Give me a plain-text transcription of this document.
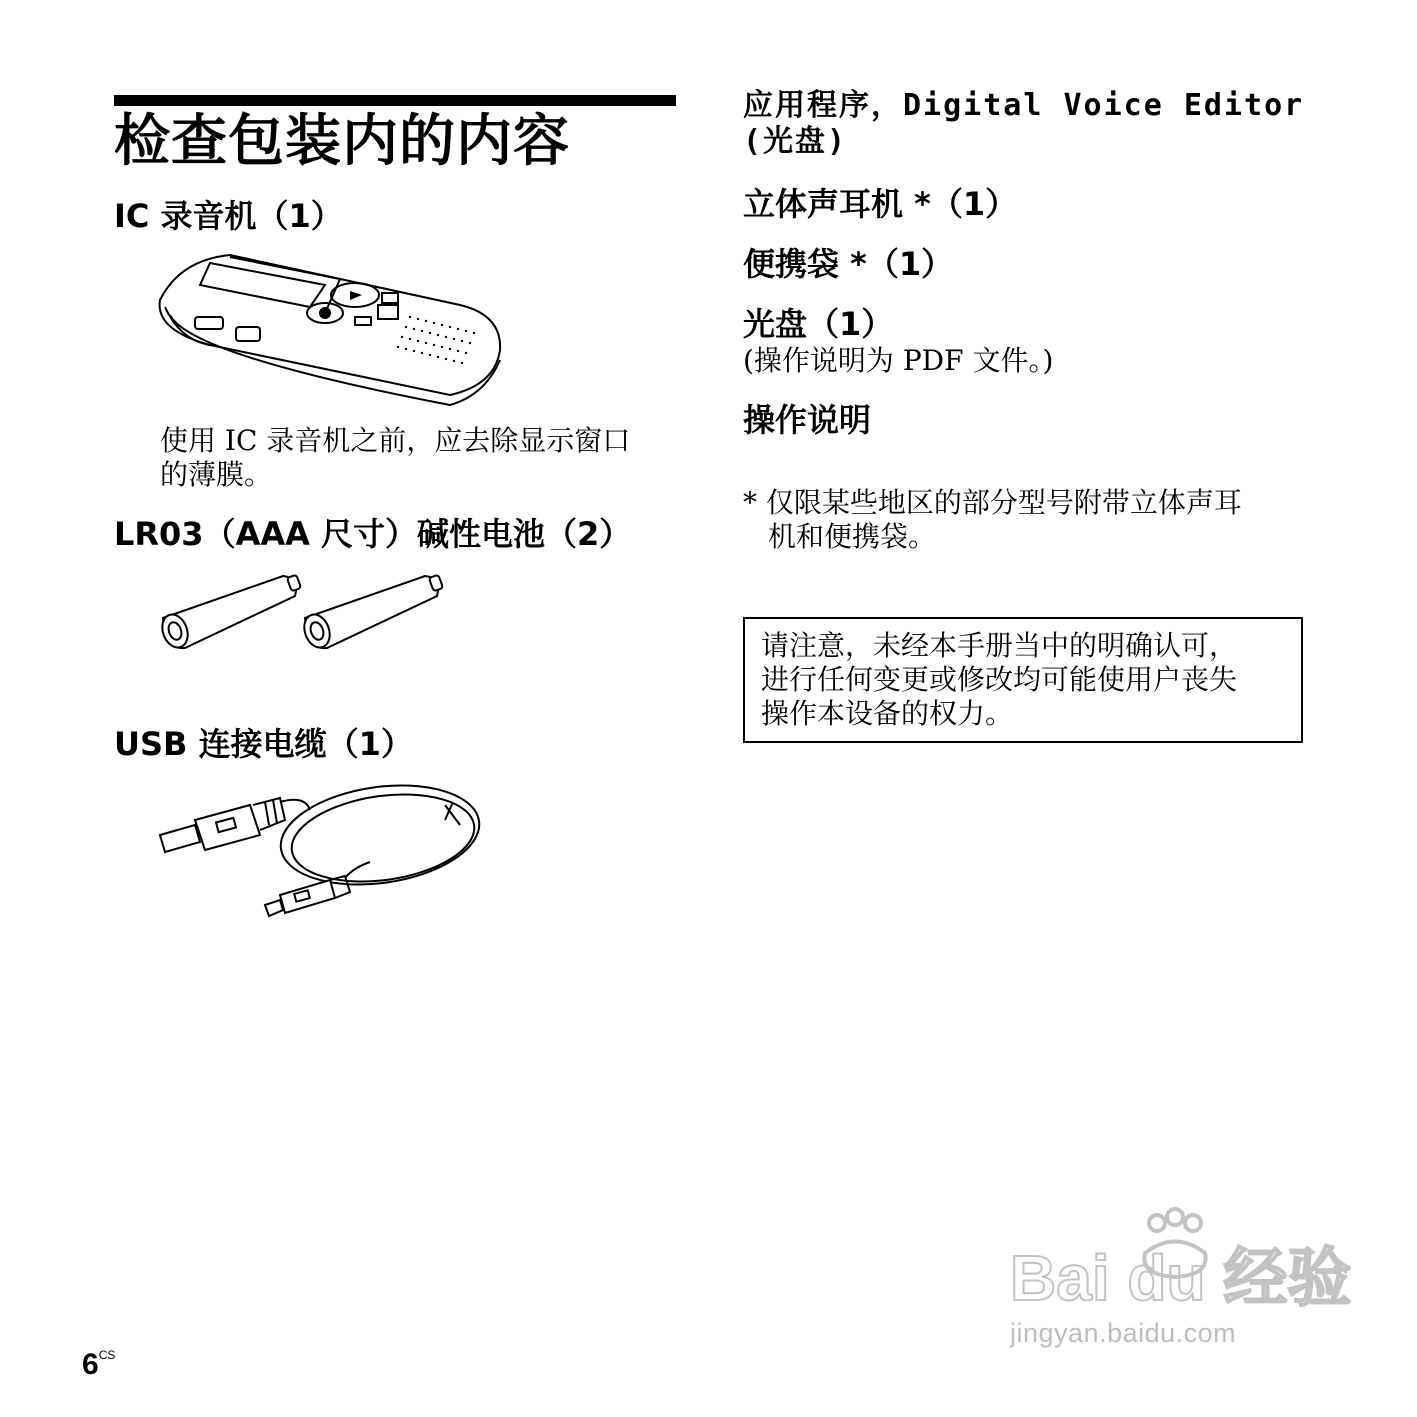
检查包装内的内容
IC 录音机（1）
使用 IC 录音机之前，应去除显示窗口
的薄膜。
LR03（AAA 尺寸）碱性电池（2）
USB 连接电缆（1）
应用程序，Digital Voice Editor
(光盘)
立体声耳机 *（1）
便携袋 *（1）
光盘（1）
(操作说明为 PDF 文件。)
操作说明
* 仅限某些地区的部分型号附带立体声耳
机和便携袋。
请注意，未经本手册当中的明确认可，
进行任何变更或修改均可能使用户丧失
操作本设备的权力。
$6^{CS}$
Bai du 经验
jingyan.baidu.com
